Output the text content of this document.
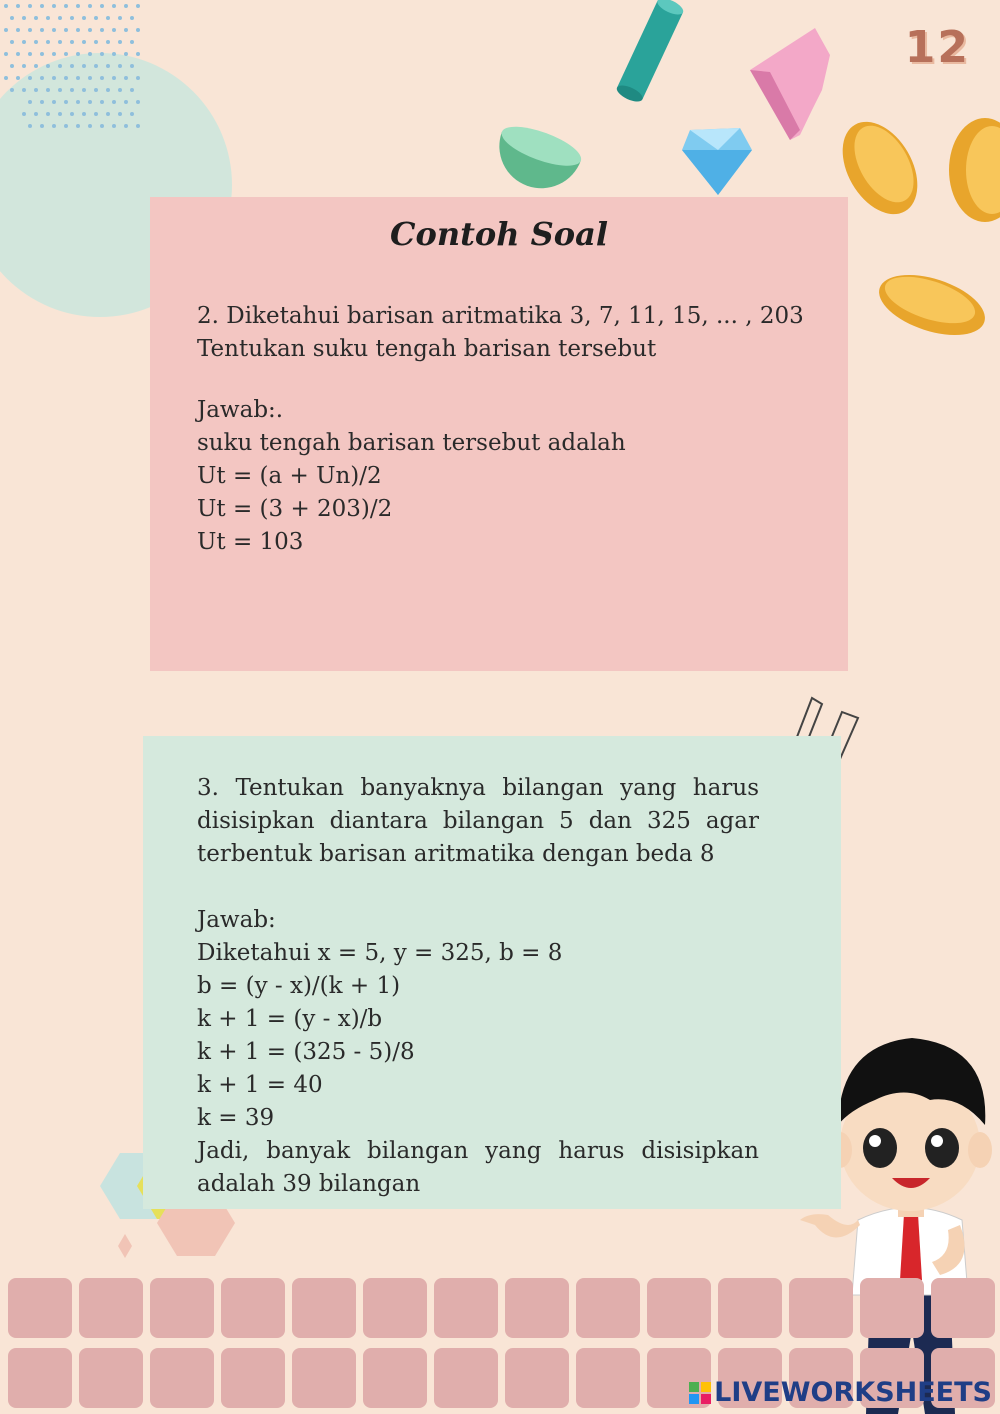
12
Contoh Soal
2. Diketahui barisan aritmatika 3, 7, 11, 15, ... , 203
Tentukan suku tengah barisan tersebut
Jawab:.
suku tengah barisan tersebut adalah
Ut = (a + Un)/2
Ut = (3 + 203)/2
Ut = 103
3. Tentukan banyaknya bilangan yang harus disisipkan diantara bilangan 5 dan 325 agar terbentuk barisan aritmatika dengan beda 8
Jawab:
Diketahui x = 5, y = 325, b = 8
b = (y - x)/(k + 1)
k + 1 = (y - x)/b
k + 1 = (325 - 5)/8
k + 1 = 40
k = 39
Jadi, banyak bilangan yang harus disisipkan adalah 39 bilangan
LIVEWORKSHEETS
